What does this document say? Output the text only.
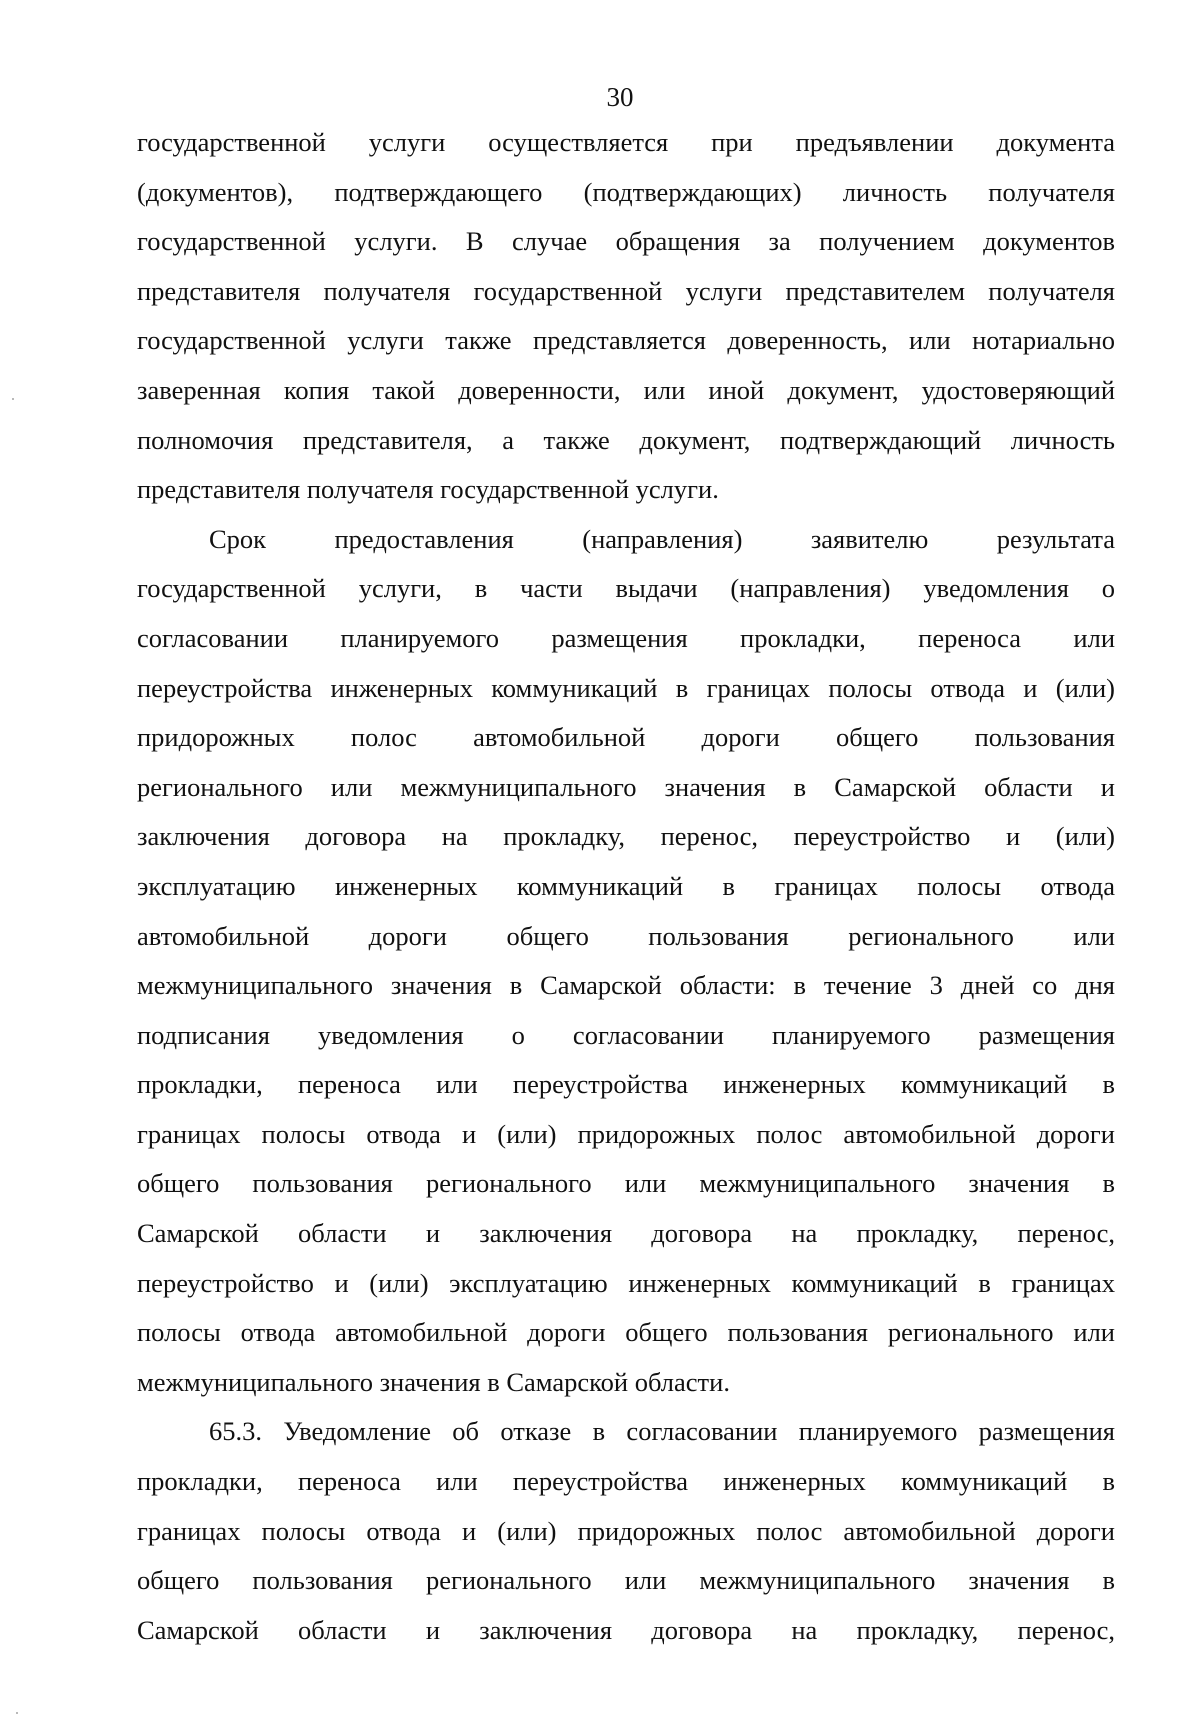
30
государственной услуги осуществляется при предъявлении документа
(документов), подтверждающего (подтверждающих) личность получателя
государственной услуги. В случае обращения за получением документов
представителя получателя государственной услуги представителем получателя
государственной услуги также представляется доверенность, или нотариально
заверенная копия такой доверенности, или иной документ, удостоверяющий
полномочия представителя, а также документ, подтверждающий личность
представителя получателя государственной услуги.
Срок предоставления (направления) заявителю результата
государственной услуги, в части выдачи (направления) уведомления о
согласовании планируемого размещения прокладки, переноса или
переустройства инженерных коммуникаций в границах полосы отвода и (или)
придорожных полос автомобильной дороги общего пользования
регионального или межмуниципального значения в Самарской области и
заключения договора на прокладку, перенос, переустройство и (или)
эксплуатацию инженерных коммуникаций в границах полосы отвода
автомобильной дороги общего пользования регионального или
межмуниципального значения в Самарской области: в течение 3 дней со дня
подписания уведомления о согласовании планируемого размещения
прокладки, переноса или переустройства инженерных коммуникаций в
границах полосы отвода и (или) придорожных полос автомобильной дороги
общего пользования регионального или межмуниципального значения в
Самарской области и заключения договора на прокладку, перенос,
переустройство и (или) эксплуатацию инженерных коммуникаций в границах
полосы отвода автомобильной дороги общего пользования регионального или
межмуниципального значения в Самарской области.
65.3. Уведомление об отказе в согласовании планируемого размещения
прокладки, переноса или переустройства инженерных коммуникаций в
границах полосы отвода и (или) придорожных полос автомобильной дороги
общего пользования регионального или межмуниципального значения в
Самарской области и заключения договора на прокладку, перенос,
